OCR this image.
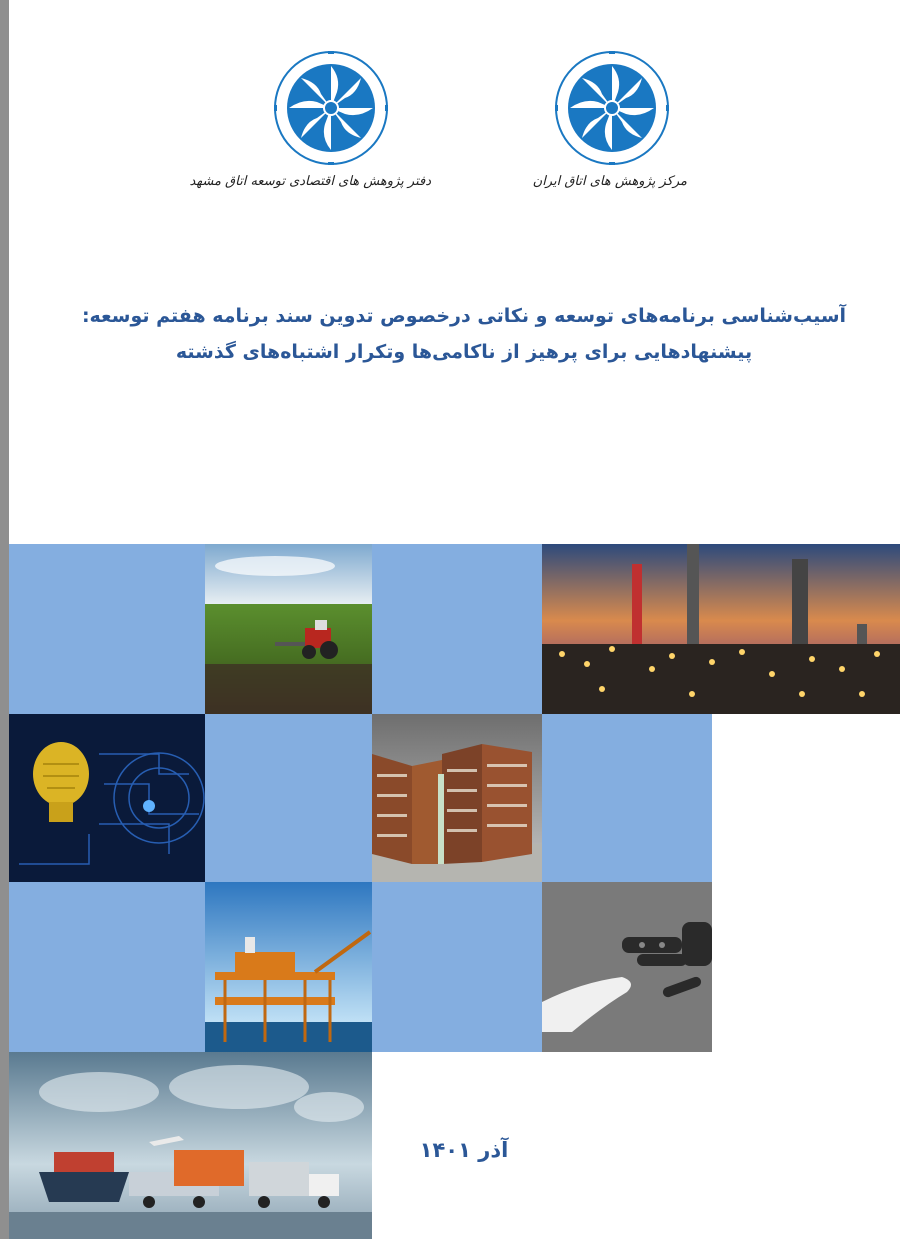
دفتر پژوهش های اقتصادی توسعه اتاق مشهد	مرکز پژوهش های اتاق ایران
آسیب‌شناسی برنامه‌های توسعه و نکاتی درخصوص تدوین سند برنامه هفتم توسعه:
پیشنهادهایی برای پرهیز از ناکامی‌ها وتکرار اشتباه‌های گذشته
آذر ۱۴۰۱
